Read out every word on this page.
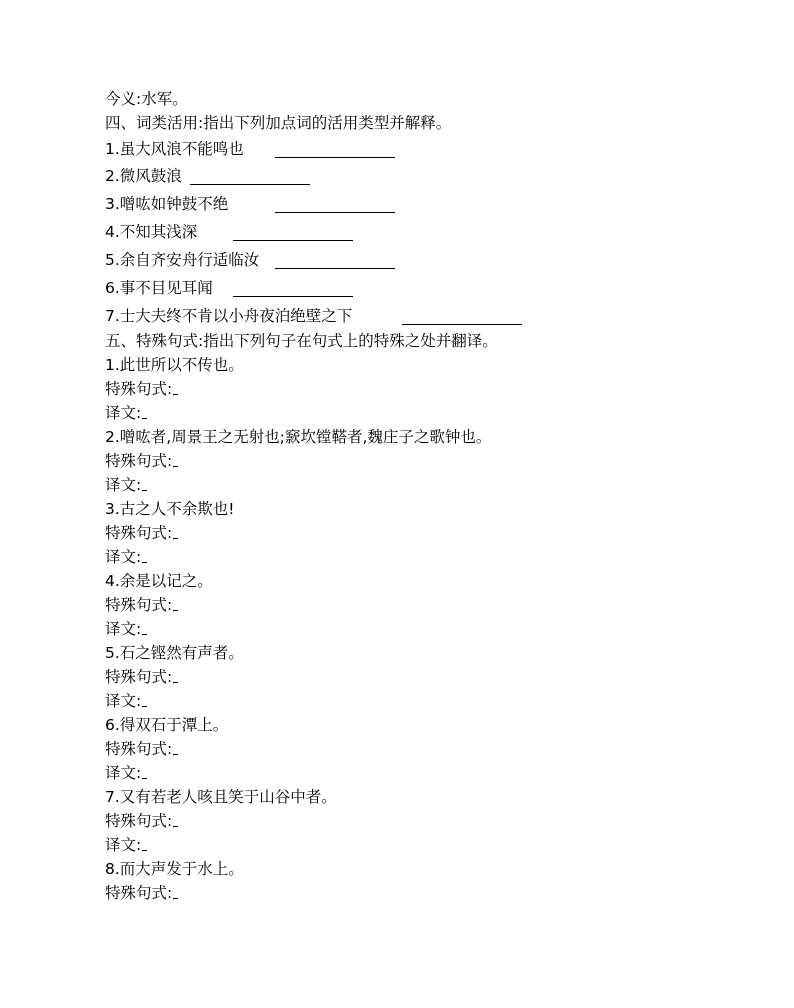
今义:水军。
四、词类活用:指出下列加点词的活用类型并解释。
1.虽大风浪不能鸣也
2.微风鼓浪
3.噌吰如钟鼓不绝
4.不知其浅深
5.余自齐安舟行适临汝
6.事不目见耳闻
7.士大夫终不肯以小舟夜泊绝壁之下
五、特殊句式:指出下列句子在句式上的特殊之处并翻译。
1.此世所以不传也。
特殊句式:
译文:
2.噌吰者,周景王之无射也;窾坎镗鞳者,魏庄子之歌钟也。
特殊句式:
译文:
3.古之人不余欺也!
特殊句式:
译文:
4.余是以记之。
特殊句式:
译文:
5.石之铿然有声者。
特殊句式:
译文:
6.得双石于潭上。
特殊句式:
译文:
7.又有若老人咳且笑于山谷中者。
特殊句式:
译文:
8.而大声发于水上。
特殊句式:
